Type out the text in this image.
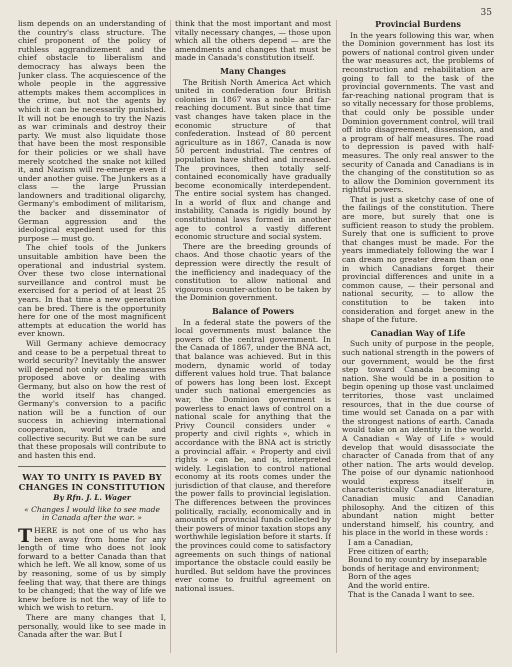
35

lism depends on an understanding of the country's class structure. The chief proponent of the policy of ruthless aggrandizement and the chief obstacle to liberalism and democracy has always been the Junker class. The acquiescence of the whole people in the aggressive attempts makes them accomplices in the crime, but not the agents by which it can be necessarily punished. It will not be enough to try the Nazis as war criminals and destroy their party. We must also liquidate those that have been the most responsible for their policies or we shall have merely scotched the snake not killed it, and Nazism will re-emerge even if under another guise. The Junkers as a class — the large Prussian landowners and traditional oligarchy, Germany's embodiment of militarism, the backer and disseminator of German aggression and the ideological expedient used for this purpose — must go.

The chief tools of the Junkers unsuitable ambition have been the operational and industrial system. Over these two close international surveillance and control must be exercised for a period of at least 25 years. In that time a new generation can be bred. There is the opportunity here for one of the most magnificent attempts at education the world has ever known.

Will Germany achieve democracy and cease to be a perpetual threat to world security? Inevitably the answer will depend not only on the measures proposed above or dealing with Germany, but also on how the rest of the world itself has changed. Germany's conversion to a pacific nation will be a function of our success in achieving international cooperation, world trade and collective security. But we can be sure that these proposals will contribute to and hasten this end.

WAY TO UNITY IS PAVED BY CHANGES IN CONSTITUTION
By Rfn. J. L. Wager
« Changes I would like to see made in Canada after the war. »

THERE is not one of us who has been away from home for any length of time who does not look forward to a better Canada than that which he left. We all know, some of us by reasoning, some of us by simply feeling that way, that there are things to be changed; that the way of life we knew before is not the way of life to which we wish to return.

There are many changes that I, personally, would like to see made in Canada after the war. But I

think that the most important and most vitally necessary changes, — those upon which all the others depend — are the amendments and changes that must be made in Canada's constitution itself.

Many Changes

The British North America Act which united in confederation four British colonies in 1867 was a noble and far-reaching document. But since that time vast changes have taken place in the economic structure of that confederation. Instead of 80 percent agriculture as in 1867, Canada is now 50 percent industrial. The centres of population have shifted and increased. The provinces, then totally self-contained economically have gradually become economically interdependent. The entire social system has changed. In a world of flux and change and instability, Canada is rigidly bound by constitutional laws formed in another age to control a vastly different economic structure and social system.

There are the breeding grounds of chaos. And those chaotic years of the depression were directly the result of the inefficiency and inadequacy of the constitution to allow national and vigourous counter-action to be taken by the Dominion government.

Balance of Powers

In a federal state the powers of the local governments must balance the powers of the central government. In the Canada of 1867, under the BNA act, that balance was achieved. But in this modern, dynamic world of today different values hold true. That balance of powers has long been lost. Except under such national emergencies as war, the Dominion government is powerless to enact laws of control on a national scale for anything that the Privy Council considers under « property and civil rights », which in accordance with the BNA act is strictly a provincial affair. « Property and civil rights » can be, and is, interpreted widely. Legislation to control national economy at its roots comes under the jurisdiction of that clause, and therefore the power falls to provincial legislation. The differences between the provinces politically, racially, economically and in amounts of provincial funds collected by their powers of minor taxation stops any worthwhile legislation before it starts. If the provinces could come to satisfactory agreements on such things of national importance the obstacle could easily be hurdled. But seldom have the provinces ever come to fruitful agreement on national issues.

Provincial Burdens

In the years following this war, when the Dominion government has lost its powers of national control given under the war measures act, the problems of reconstruction and rehabilitation are going to fall to the task of the provincial governments. The vast and far-reaching national program that is so vitally necessary for those problems, that could only be possible under Dominion government control, will trail off into disagreement, dissension, and a program of half measures. The road to depression is paved with half-measures. The only real answer to the security of Canada and Canadians is in the changing of the constitution so as to allow the Dominion government its rightful powers.

That is just a sketchy case of one of the failings of the constitution. There are more, but surely that one is sufficient reason to study the problem. Surely that one is sufficient to prove that changes must be made. For the years immediately following the war I can dream no greater dream than one in which Canadians forget their provincial differences and unite in a common cause, — their personal and national security, — to allow the constitution to be taken into consideration and forget anew in the shape of the future.

Canadian Way of Life

Such unity of purpose in the people, such national strength in the powers of our government, would be the first step toward Canada becoming a nation. She would be in a position to begin opening up those vast unclaimed territories, those vast unclaimed resources, that in the due course of time would set Canada on a par with the strongest nations of earth. Canada would take on an identity in the world. A Canadian « Way of Life » would develop that would disassociate the character of Canada from that of any other nation. The arts would develop. The poise of our dynamic nationhood would express itself in characteristically Canadian literature, Canadian music and Canadian philosophy. And the citizen of this abundant nation might better understand himself, his country, and his place in the world in these words :

I am a Canadian,

Free citizen of earth;

Bound to my country by inseparable bonds of heritage and environment;

Born of the ages

And the world entire.

That is the Canada I want to see.
